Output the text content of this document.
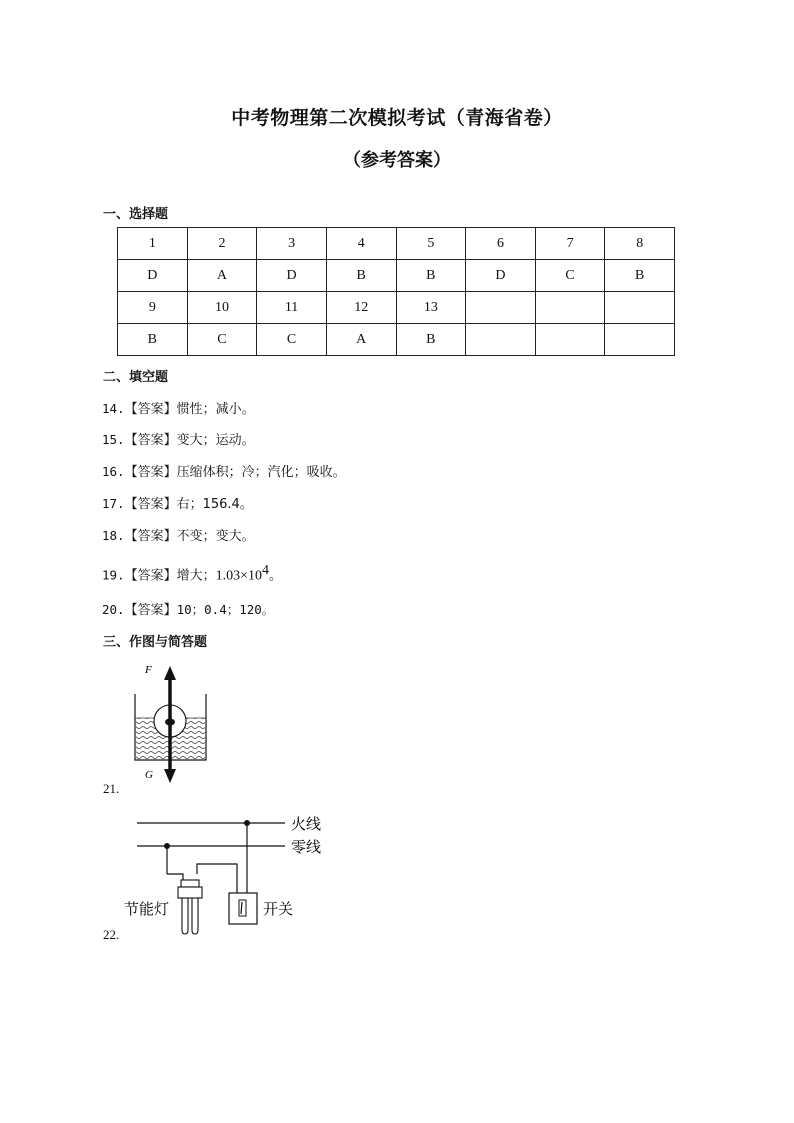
中考物理第二次模拟考试（青海省卷）
（参考答案）
一、选择题
1	2	3	4	5	6	7	8
D	A	D	B	B	D	C	B
9	10	11	12	13			
B	C	C	A	B			
二、填空题
14.【答案】惯性；减小。
15.【答案】变大；运动。
16.【答案】压缩体积；冷；汽化；吸收。
17.【答案】右；156.4。
18.【答案】不变；变大。
19.【答案】增大；$1.03\times 10^4$。
20.【答案】10；0.4；120。
三、作图与简答题
F
G
21.
火线
零线
节能灯	开关
22.
